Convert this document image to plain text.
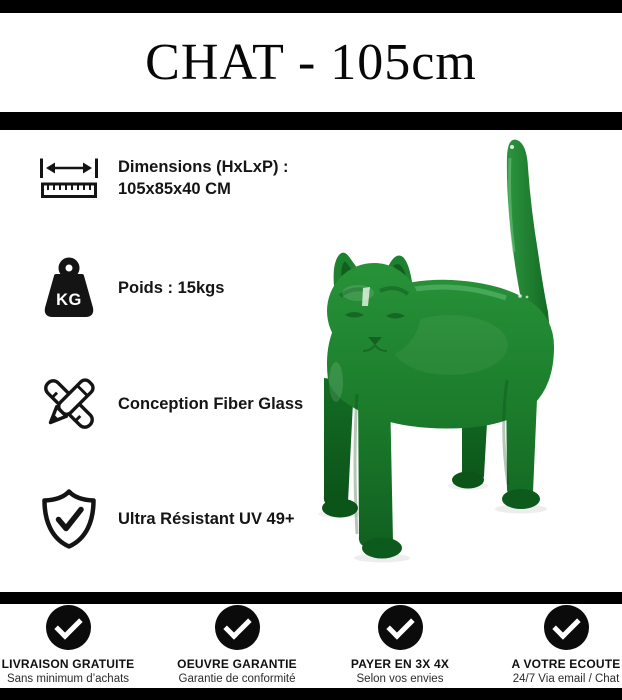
CHAT - 105cm
Dimensions (HxLxP) :
105x85x40 CM
KG
Poids : 15kgs
Conception Fiber Glass
Ultra Résistant UV 49+
LIVRAISON GRATUITE
Sans minimum d’achats
OEUVRE GARANTIE
Garantie de conformité
PAYER EN 3X 4X
Selon vos envies
A VOTRE ECOUTE
24/7 Via email / Chat
